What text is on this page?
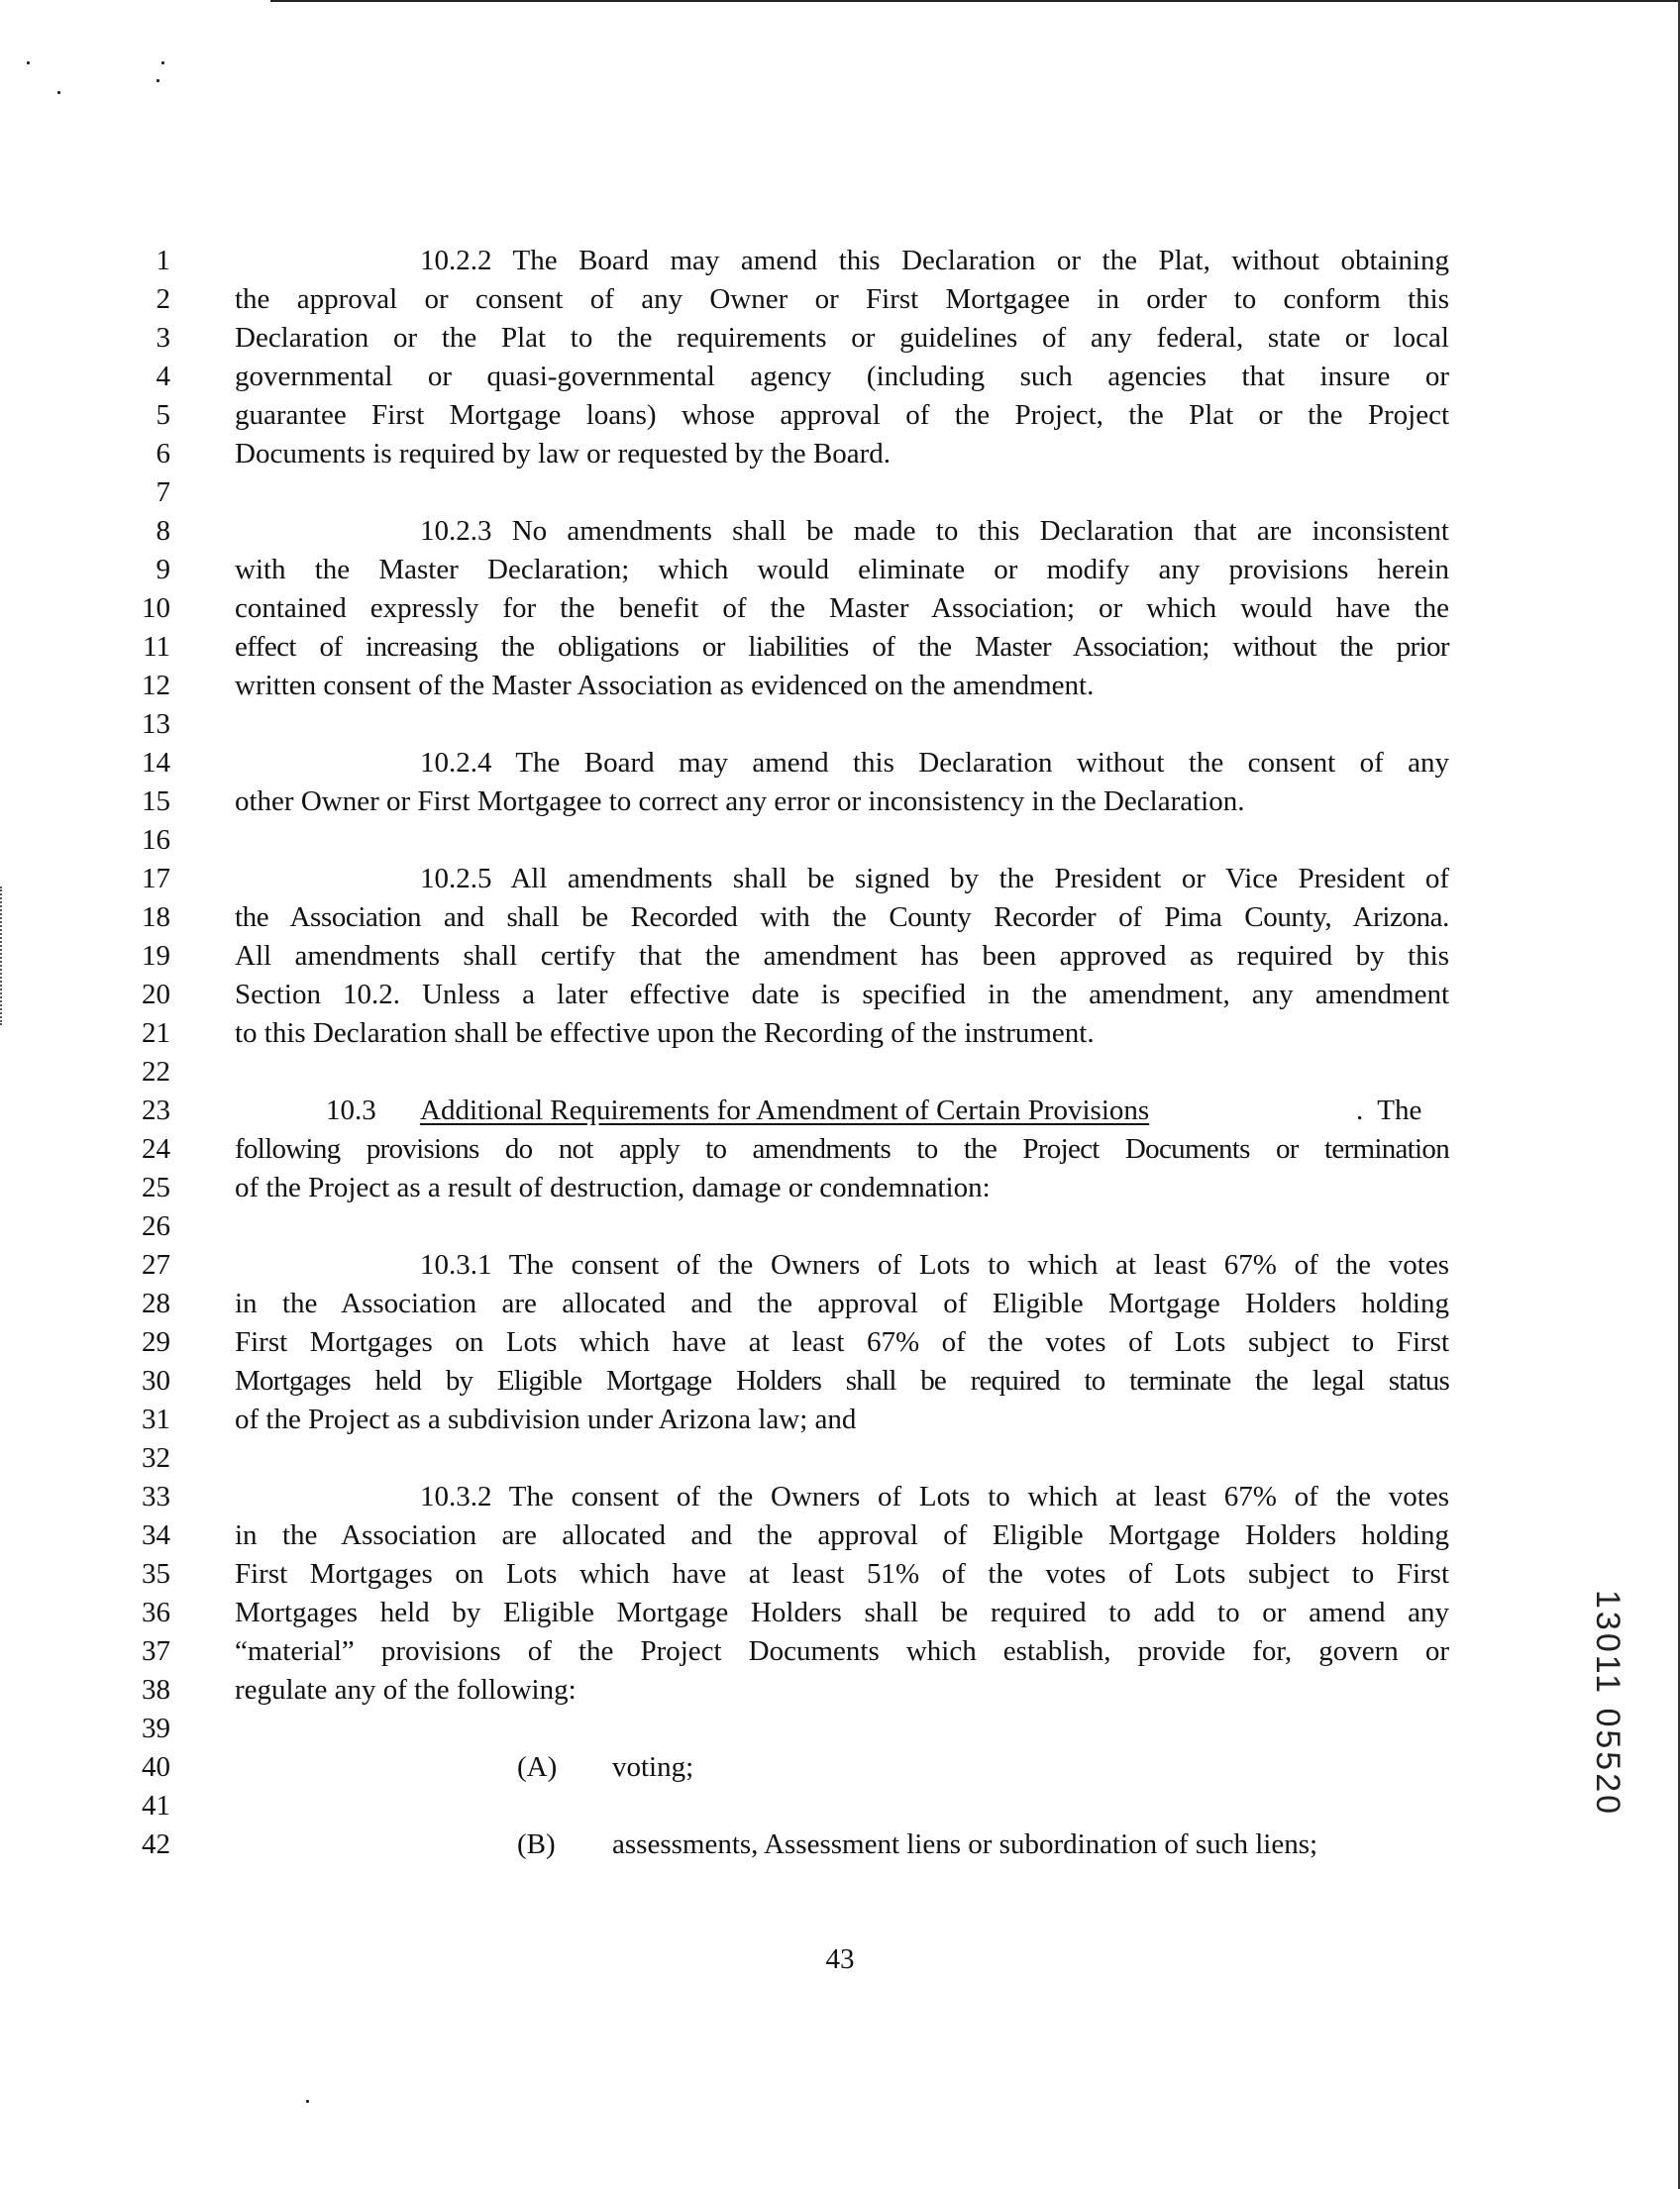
1
2
3
4
5
6
7
8
9
10
11
12
13
14
15
16
17
18
19
20
21
22
23
24
25
26
27
28
29
30
31
32
33
34
35
36
37
38
39
40
41
42
10.2.2 The Board may amend this Declaration or the Plat, without obtaining
the approval or consent of any Owner or First Mortgagee in order to conform this
Declaration or the Plat to the requirements or guidelines of any federal, state or local
governmental or quasi-governmental agency (including such agencies that insure or
guarantee First Mortgage loans) whose approval of the Project, the Plat or the Project
Documents is required by law or requested by the Board.
10.2.3 No amendments shall be made to this Declaration that are inconsistent
with the Master Declaration; which would eliminate or modify any provisions herein
contained expressly for the benefit of the Master Association; or which would have the
effect of increasing the obligations or liabilities of the Master Association; without the prior
written consent of the Master Association as evidenced on the amendment.
10.2.4 The Board may amend this Declaration without the consent of any
other Owner or First Mortgagee to correct any error or inconsistency in the Declaration.
10.2.5 All amendments shall be signed by the President or Vice President of
the Association and shall be Recorded with the County Recorder of Pima County, Arizona.
All amendments shall certify that the amendment has been approved as required by this
Section 10.2. Unless a later effective date is specified in the amendment, any amendment
to this Declaration shall be effective upon the Recording of the instrument.
10.3 Additional Requirements for Amendment of Certain Provisions	.  The
following provisions do not apply to amendments to the Project Documents or termination
of the Project as a result of destruction, damage or condemnation:
10.3.1 The consent of the Owners of Lots to which at least 67% of the votes
in the Association are allocated and the approval of Eligible Mortgage Holders holding
First Mortgages on Lots which have at least 67% of the votes of Lots subject to First
Mortgages held by Eligible Mortgage Holders shall be required to terminate the legal status
of the Project as a subdivision under Arizona law; and
10.3.2 The consent of the Owners of Lots to which at least 67% of the votes
in the Association are allocated and the approval of Eligible Mortgage Holders holding
First Mortgages on Lots which have at least 51% of the votes of Lots subject to First
Mortgages held by Eligible Mortgage Holders shall be required to add to or amend any
“material” provisions of the Project Documents which establish, provide for, govern or
regulate any of the following:
(A) voting;
(B) assessments, Assessment liens or subordination of such liens;
43
13011 05520
